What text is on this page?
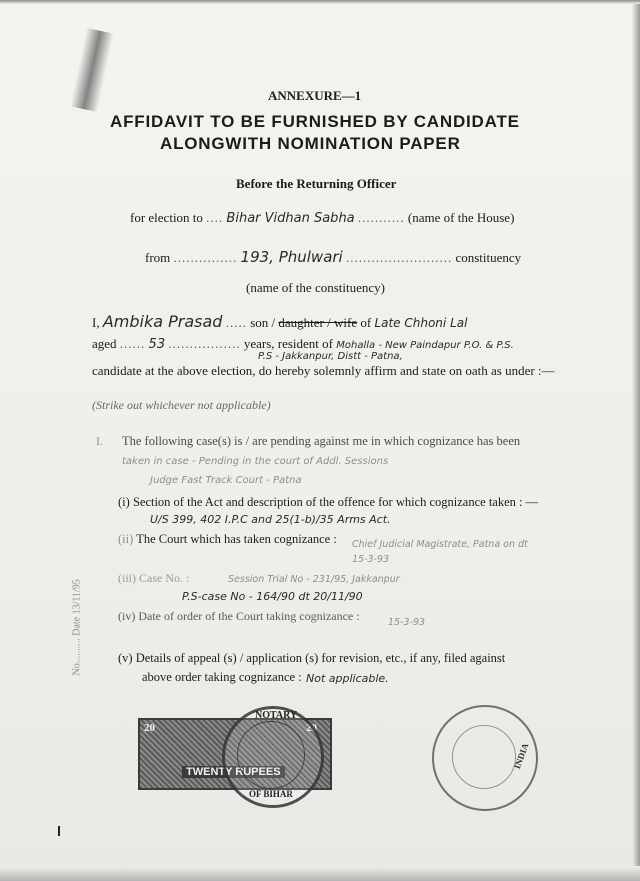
ANNEXURE—1
AFFIDAVIT TO BE FURNISHED BY CANDIDATE
ALONGWITH NOMINATION PAPER
Before the Returning Officer
for election to .... Bihar Vidhan Sabha ........... (name of the House)
from ............... 193, Phulwari ......................... constituency
(name of the constituency)
I, Ambika Prasad ..... son / daughter / wife of Late Chhoni Lal
aged ...... 53 ................. years, resident of Mohalla - New Paindapur P.O. & P.S.
P.S - Jakkanpur, Distt - Patna,
candidate at the above election, do hereby solemnly affirm and state on oath as under :—
(Strike out whichever not applicable)
I. The following case(s) is / are pending against me in which cognizance has been
taken in case - Pending in the court of Addl. Sessions
Judge Fast Track Court - Patna
(i) Section of the Act and description of the offence for which cognizance taken : —
U/S 399, 402 I.P.C and 25(1-b)/35 Arms Act.
(ii) The Court which has taken cognizance : Chief Judicial Magistrate, Patna on dt 15-3-93
(iii) Case No. :	Session Trial No - 231/95, Jakkanpur
P.S-case No - 164/90 dt 20/11/90
(iv) Date of order of the Court taking cognizance :	15-3-93
(v) Details of appeal (s) / application (s) for revision, etc., if any, filed against
above order taking cognizance : Not applicable.
No.......... Date 13/11/95
20	20
TWENTY RUPEES
NOTARY
OF BIHAR
INDIA
